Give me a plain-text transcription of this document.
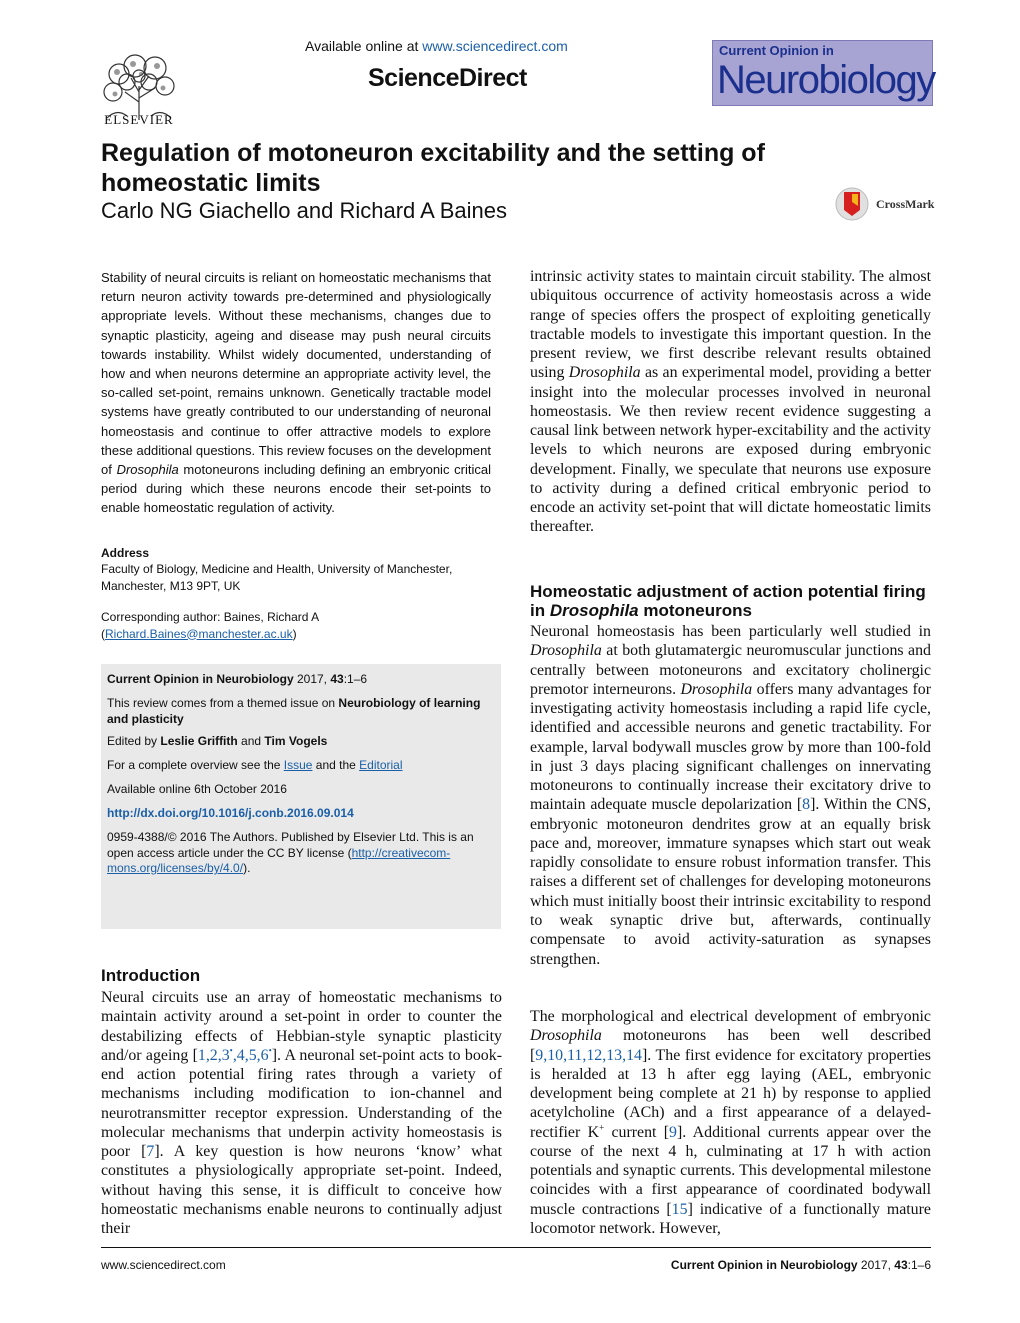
ELSEVIER
Available online at www.sciencedirect.com
ScienceDirect
Current Opinion in
Neurobiology
Regulation of motoneuron excitability and the setting of homeostatic limits
Carlo NG Giachello and Richard A Baines	CrossMark
Stability of neural circuits is reliant on homeostatic mechanisms that return neuron activity towards pre-determined and physiologically appropriate levels. Without these mechanisms, changes due to synaptic plasticity, ageing and disease may push neural circuits towards instability. Whilst widely documented, understanding of how and when neurons determine an appropriate activity level, the so-called set-point, remains unknown. Genetically tractable model systems have greatly contributed to our understanding of neuronal homeostasis and continue to offer attractive models to explore these additional questions. This review focuses on the development of Drosophila motoneurons including defining an embryonic critical period during which these neurons encode their set-points to enable homeostatic regulation of activity.
Address
Faculty of Biology, Medicine and Health, University of Manchester, Manchester, M13 9PT, UK
Corresponding author: Baines, Richard A
(Richard.Baines@manchester.ac.uk)
Current Opinion in Neurobiology 2017, 43:1–6
This review comes from a themed issue on Neurobiology of learning and plasticity
Edited by Leslie Griffith and Tim Vogels
For a complete overview see the Issue and the Editorial
Available online 6th October 2016
http://dx.doi.org/10.1016/j.conb.2016.09.014
0959-4388/© 2016 The Authors. Published by Elsevier Ltd. This is an open access article under the CC BY license (http://creativecom-mons.org/licenses/by/4.0/).
Introduction
Neural circuits use an array of homeostatic mechanisms to maintain activity around a set-point in order to counter the destabilizing effects of Hebbian-style synaptic plasticity and/or ageing [1,2,3•,4,5,6•]. A neuronal set-point acts to book-end action potential firing rates through a variety of mechanisms including modification to ion-channel and neurotransmitter receptor expression. Understanding of the molecular mechanisms that underpin activity homeostasis is poor [7]. A key question is how neurons ‘know’ what constitutes a physiologically appropriate set-point. Indeed, without having this sense, it is difficult to conceive how homeostatic mechanisms enable neurons to continually adjust their
intrinsic activity states to maintain circuit stability. The almost ubiquitous occurrence of activity homeostasis across a wide range of species offers the prospect of exploiting genetically tractable models to investigate this important question. In the present review, we first describe relevant results obtained using Drosophila as an experimental model, providing a better insight into the molecular processes involved in neuronal homeostasis. We then review recent evidence suggesting a causal link between network hyper-excitability and the activity levels to which neurons are exposed during embryonic development. Finally, we speculate that neurons use exposure to activity during a defined critical embryonic period to encode an activity set-point that will dictate homeostatic limits thereafter.
Homeostatic adjustment of action potential firing in Drosophila motoneurons
Neuronal homeostasis has been particularly well studied in Drosophila at both glutamatergic neuromuscular junctions and centrally between motoneurons and excitatory cholinergic premotor interneurons. Drosophila offers many advantages for investigating activity homeostasis including a rapid life cycle, identified and accessible neurons and genetic tractability. For example, larval bodywall muscles grow by more than 100-fold in just 3 days placing significant challenges on innervating motoneurons to continually increase their excitatory drive to maintain adequate muscle depolarization [8]. Within the CNS, embryonic motoneuron dendrites grow at an equally brisk pace and, moreover, immature synapses which start out weak rapidly consolidate to ensure robust information transfer. This raises a different set of challenges for developing motoneurons which must initially boost their intrinsic excitability to respond to weak synaptic drive but, afterwards, continually compensate to avoid activity-saturation as synapses strengthen.
The morphological and electrical development of embryonic Drosophila motoneurons has been well described [9,10,11,12,13,14]. The first evidence for excitatory properties is heralded at 13 h after egg laying (AEL, embryonic development being complete at 21 h) by response to applied acetylcholine (ACh) and a first appearance of a delayed-rectifier K+ current [9]. Additional currents appear over the course of the next 4 h, culminating at 17 h with action potentials and synaptic currents. This developmental milestone coincides with a first appearance of coordinated bodywall muscle contractions [15] indicative of a functionally mature locomotor network. However,
www.sciencedirect.com	Current Opinion in Neurobiology 2017, 43:1–6
